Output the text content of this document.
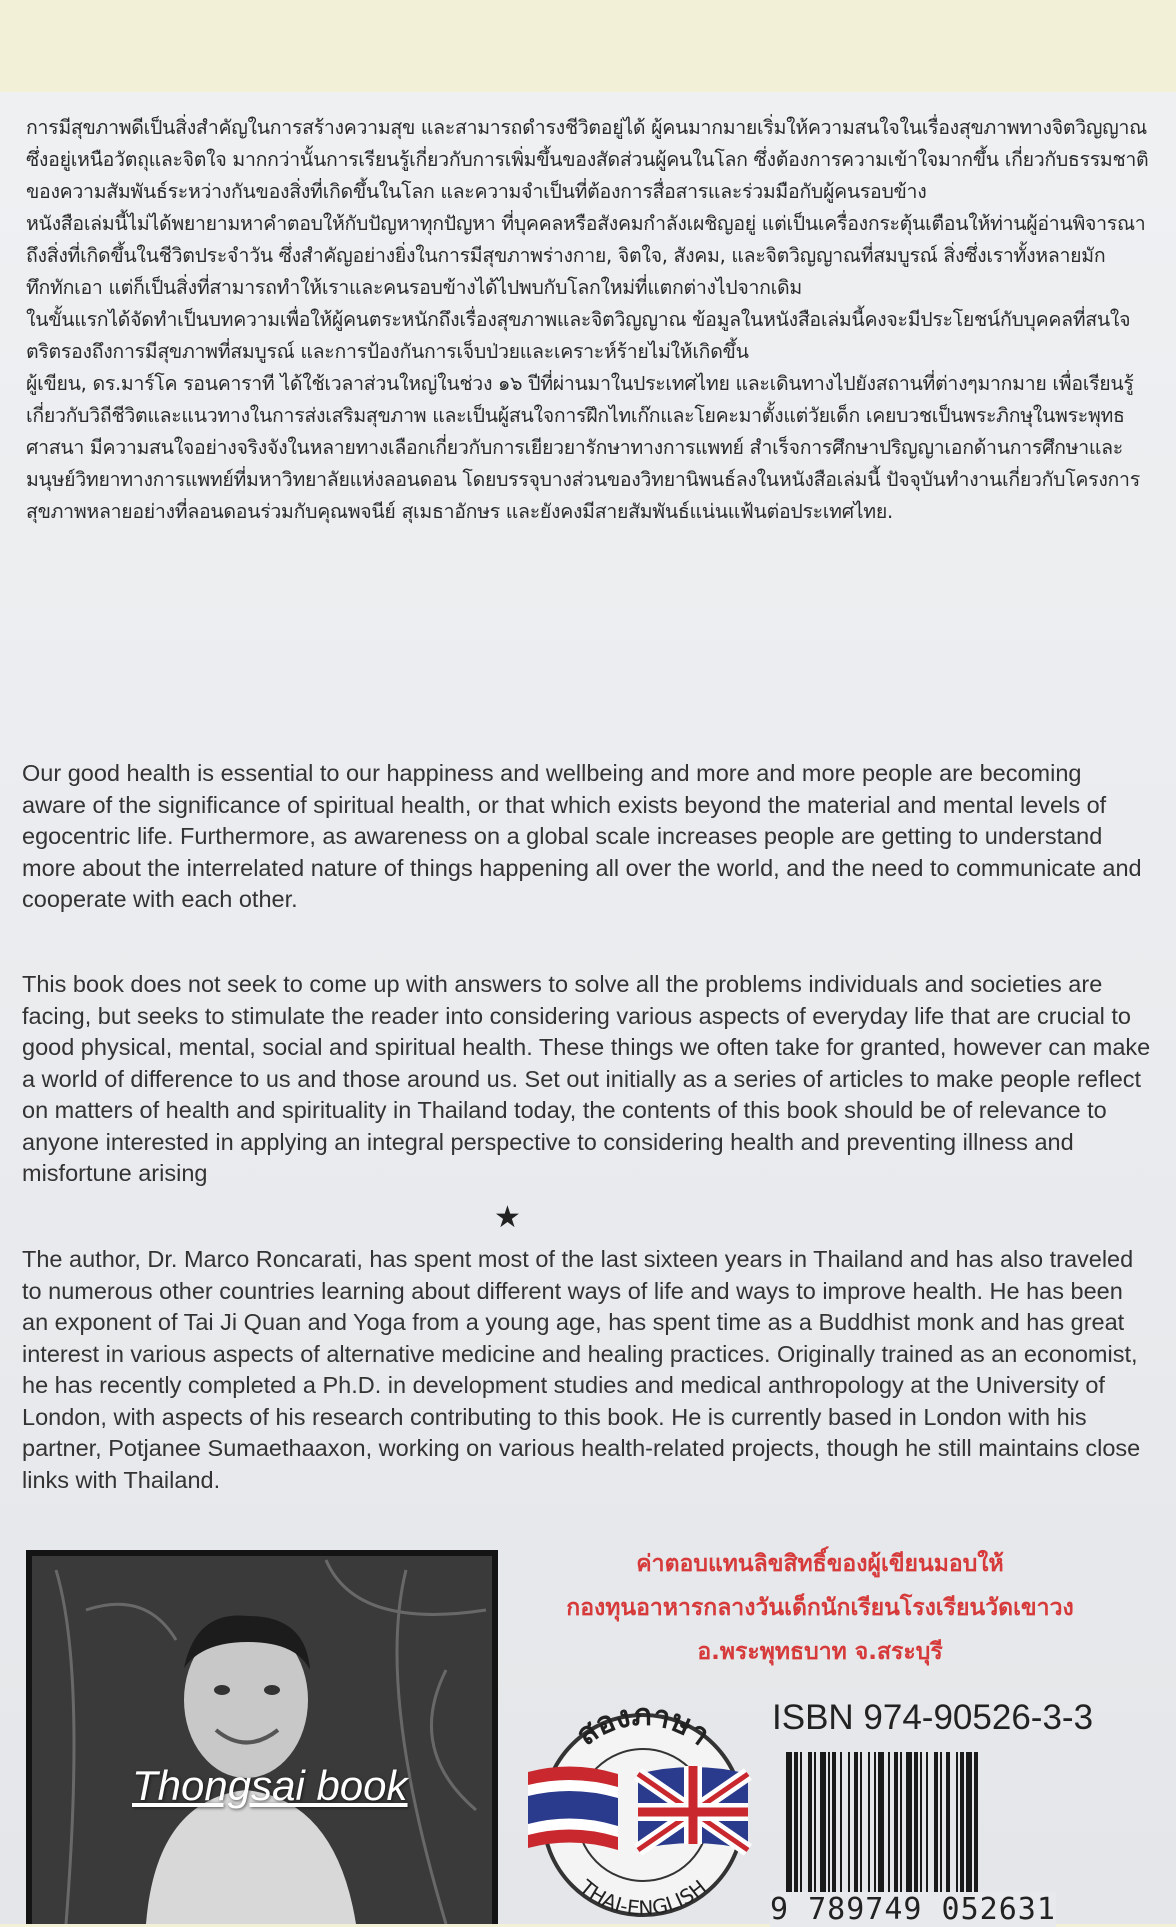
การมีสุขภาพดีเป็นสิ่งสำคัญในการสร้างความสุข และสามารถดำรงชีวิตอยู่ได้ ผู้คนมากมายเริ่มให้ความสนใจในเรื่องสุขภาพทางจิตวิญญาณ ซึ่งอยู่เหนือวัตถุและจิตใจ มากกว่านั้นการเรียนรู้เกี่ยวกับการเพิ่มขึ้นของสัดส่วนผู้คนในโลก ซึ่งต้องการความเข้าใจมากขึ้น เกี่ยวกับธรรมชาติของความสัมพันธ์ระหว่างกันของสิ่งที่เกิดขึ้นในโลก และความจำเป็นที่ต้องการสื่อสารและร่วมมือกับผู้คนรอบข้าง

หนังสือเล่มนี้ไม่ได้พยายามหาคำตอบให้กับปัญหาทุกปัญหา ที่บุคคลหรือสังคมกำลังเผชิญอยู่ แต่เป็นเครื่องกระตุ้นเตือนให้ท่านผู้อ่านพิจารณาถึงสิ่งที่เกิดขึ้นในชีวิตประจำวัน ซึ่งสำคัญอย่างยิ่งในการมีสุขภาพร่างกาย, จิตใจ, สังคม, และจิตวิญญาณที่สมบูรณ์ สิ่งซึ่งเราทั้งหลายมักทึกทักเอา แต่ก็เป็นสิ่งที่สามารถทำให้เราและคนรอบข้างได้ไปพบกับโลกใหม่ที่แตกต่างไปจากเดิม

ในขั้นแรกได้จัดทำเป็นบทความเพื่อให้ผู้คนตระหนักถึงเรื่องสุขภาพและจิตวิญญาณ ข้อมูลในหนังสือเล่มนี้คงจะมีประโยชน์กับบุคคลที่สนใจ ตริตรองถึงการมีสุขภาพที่สมบูรณ์ และการป้องกันการเจ็บป่วยและเคราะห์ร้ายไม่ให้เกิดขึ้น

ผู้เขียน, ดร.มาร์โค รอนคาราที ได้ใช้เวลาส่วนใหญ่ในช่วง ๑๖ ปีที่ผ่านมาในประเทศไทย และเดินทางไปยังสถานที่ต่างๆมากมาย เพื่อเรียนรู้เกี่ยวกับวิถีชีวิตและแนวทางในการส่งเสริมสุขภาพ และเป็นผู้สนใจการฝึกไทเก๊กและโยคะมาตั้งแต่วัยเด็ก เคยบวชเป็นพระภิกษุในพระพุทธศาสนา มีความสนใจอย่างจริงจังในหลายทางเลือกเกี่ยวกับการเยียวยารักษาทางการแพทย์ สำเร็จการศึกษาปริญญาเอกด้านการศึกษาและมนุษย์วิทยาทางการแพทย์ที่มหาวิทยาลัยแห่งลอนดอน โดยบรรจุบางส่วนของวิทยานิพนธ์ลงในหนังสือเล่มนี้ ปัจจุบันทำงานเกี่ยวกับโครงการสุขภาพหลายอย่างที่ลอนดอนร่วมกับคุณพจนีย์ สุเมธาอักษร และยังคงมีสายสัมพันธ์แน่นแฟ้นต่อประเทศไทย.

Our good health is essential to our happiness and wellbeing and more and more people are becoming aware of the significance of spiritual health, or that which exists beyond the material and mental levels of egocentric life. Furthermore, as awareness on a global scale increases people are getting to understand more about the interrelated nature of things happening all over the world, and the need to communicate and cooperate with each other.

This book does not seek to come up with answers to solve all the problems individuals and societies are facing, but seeks to stimulate the reader into considering various aspects of everyday life that are crucial to good physical, mental, social and spiritual health. These things we often take for granted, however can make a world of difference to us and those around us. Set out initially as a series of articles to make people reflect on matters of health and spirituality in Thailand today, the contents of this book should be of relevance to anyone interested in applying an integral perspective to considering health and preventing illness and misfortune arising

★

The author, Dr. Marco Roncarati, has spent most of the last sixteen years in Thailand and has also traveled to numerous other countries learning about different ways of life and ways to improve health. He has been an exponent of Tai Ji Quan and Yoga from a young age, has spent time as a Buddhist monk and has great interest in various aspects of alternative medicine and healing practices. Originally trained as an economist, he has recently completed a Ph.D. in development studies and medical anthropology at the University of London, with aspects of his research contributing to this book. He is currently based in London with his partner, Potjanee Sumaethaaxon, working on various health-related projects, though he still maintains close links with Thailand.

Thongsai book

ค่าตอบแทนลิขสิทธิ์ของผู้เขียนมอบให้

กองทุนอาหารกลางวันเด็กนักเรียนโรงเรียนวัดเขาวง

อ.พระพุทธบาท จ.สระบุรี

สองภาษา
THAI-ENGLISH
ISBN 974-90526-3-3
9 789749 052631
